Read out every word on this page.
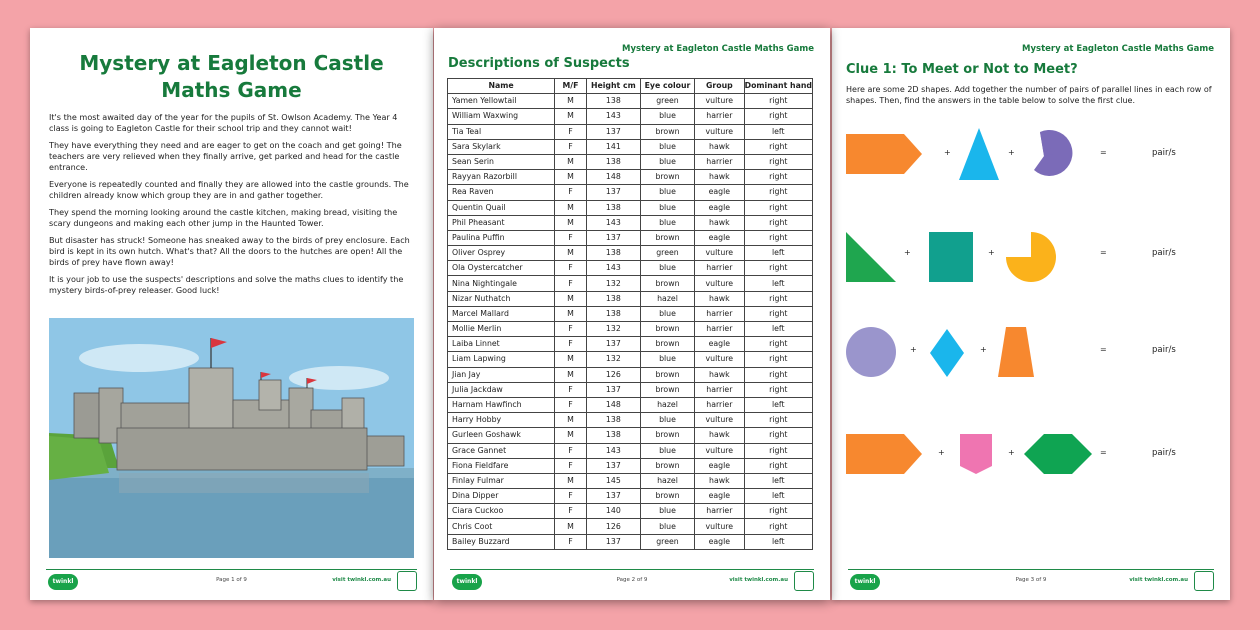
Mystery at Eagleton Castle
Maths Game

It's the most awaited day of the year for the pupils of St. Owlson Academy. The Year 4 class is going to Eagleton Castle for their school trip and they cannot wait!

They have everything they need and are eager to get on the coach and get going! The teachers are very relieved when they finally arrive, get parked and head for the castle entrance.

Everyone is repeatedly counted and finally they are allowed into the castle grounds. The children already know which group they are in and gather together.

They spend the morning looking around the castle kitchen, making bread, visiting the scary dungeons and making each other jump in the Haunted Tower.

But disaster has struck! Someone has sneaked away to the birds of prey enclosure. Each bird is kept in its own hutch. What's that? All the doors to the hutches are open! All the birds of prey have flown away!

It is your job to use the suspects' descriptions and solve the maths clues to identify the mystery birds-of-prey releaser. Good luck!

twinkl	Page 1 of 9	visit twinkl.com.au
Mystery at Eagleton Castle Maths Game
Descriptions of Suspects
Name	M/F	Height cm	Eye colour	Group	Dominant hand
Yamen Yellowtail	M	138	green	vulture	right
William Waxwing	M	143	blue	harrier	right
Tia Teal	F	137	brown	vulture	left
Sara Skylark	F	141	blue	hawk	right
Sean Serin	M	138	blue	harrier	right
Rayyan Razorbill	M	148	brown	hawk	right
Rea Raven	F	137	blue	eagle	right
Quentin Quail	M	138	blue	eagle	right
Phil Pheasant	M	143	blue	hawk	right
Paulina Puffin	F	137	brown	eagle	right
Oliver Osprey	M	138	green	vulture	left
Ola Oystercatcher	F	143	blue	harrier	right
Nina Nightingale	F	132	brown	vulture	left
Nizar Nuthatch	M	138	hazel	hawk	right
Marcel Mallard	M	138	blue	harrier	right
Mollie Merlin	F	132	brown	harrier	left
Laiba Linnet	F	137	brown	eagle	right
Liam Lapwing	M	132	blue	vulture	right
Jian Jay	M	126	brown	hawk	right
Julia Jackdaw	F	137	brown	harrier	right
Harnam Hawfinch	F	148	hazel	harrier	left
Harry Hobby	M	138	blue	vulture	right
Gurleen Goshawk	M	138	brown	hawk	right
Grace Gannet	F	143	blue	vulture	right
Fiona Fieldfare	F	137	brown	eagle	right
Finlay Fulmar	M	145	hazel	hawk	left
Dina Dipper	F	137	brown	eagle	left
Ciara Cuckoo	F	140	blue	harrier	right
Chris Coot	M	126	blue	vulture	right
Bailey Buzzard	F	137	green	eagle	left
twinkl	Page 2 of 9	visit twinkl.com.au
Mystery at Eagleton Castle Maths Game
Clue 1: To Meet or Not to Meet?
Here are some 2D shapes. Add together the number of pairs of parallel lines in each row of shapes. Then, find the answers in the table below to solve the first clue.
+	+	=	pair/s
+	+	=	pair/s
+	+	=	pair/s
+	+	=	pair/s
twinkl	Page 3 of 9	visit twinkl.com.au
